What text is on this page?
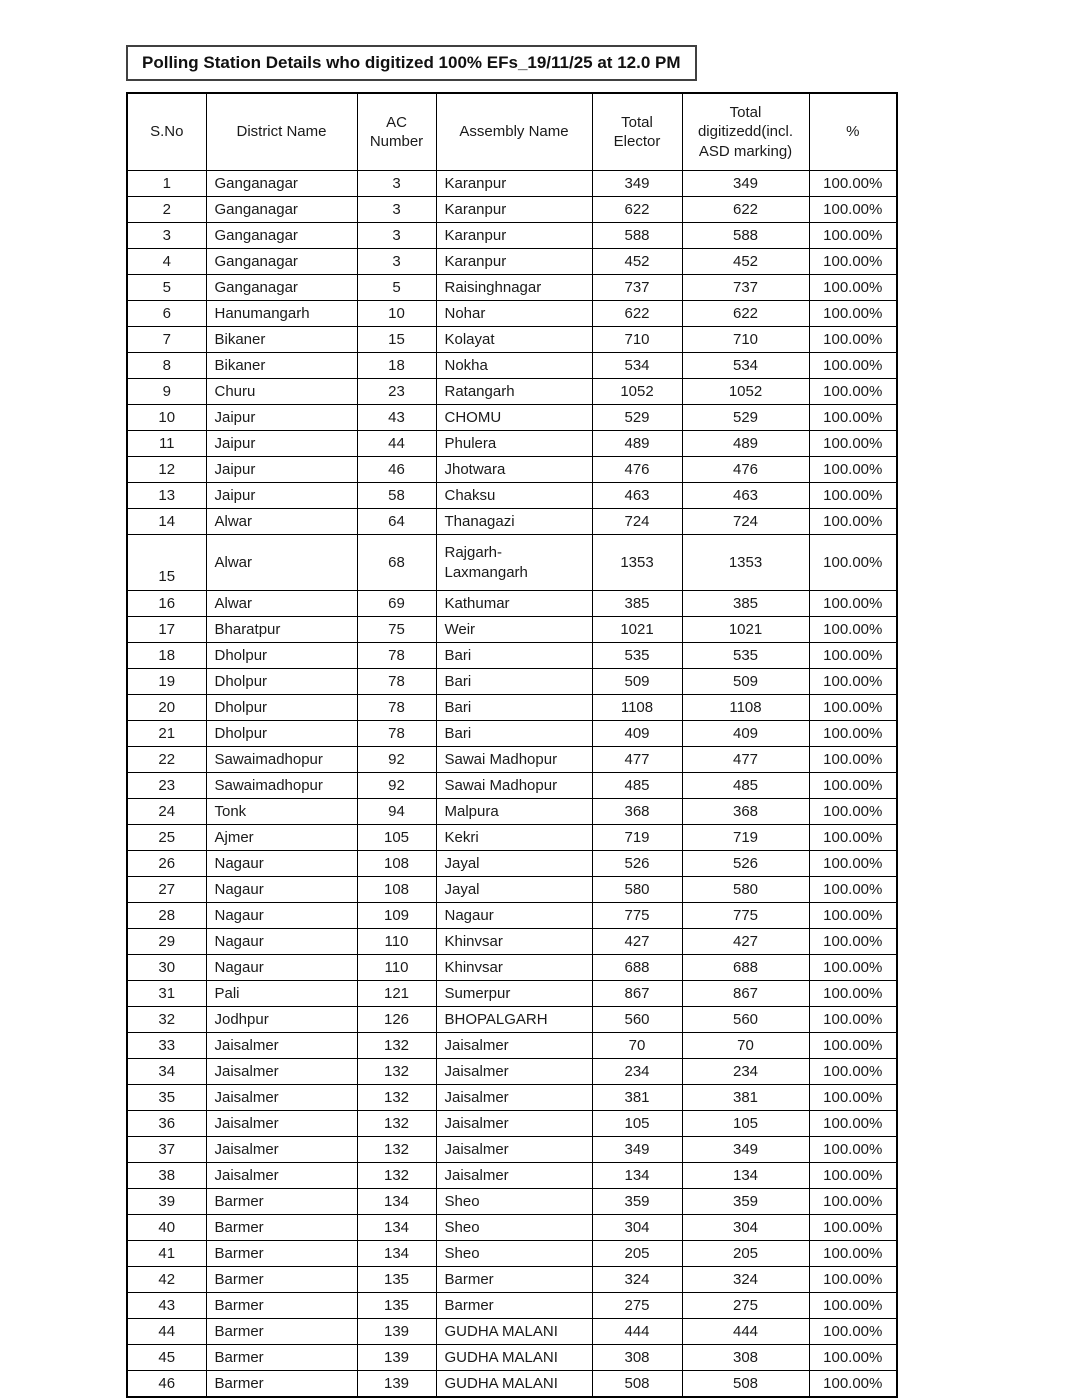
Polling Station Details who digitized 100% EFs_19/11/25 at 12.0 PM
S.No	District Name	AC Number	Assembly Name	Total Elector	Total digitizedd(incl. ASD marking)	%
1	Ganganagar	3	Karanpur	349	349	100.00%
2	Ganganagar	3	Karanpur	622	622	100.00%
3	Ganganagar	3	Karanpur	588	588	100.00%
4	Ganganagar	3	Karanpur	452	452	100.00%
5	Ganganagar	5	Raisinghnagar	737	737	100.00%
6	Hanumangarh	10	Nohar	622	622	100.00%
7	Bikaner	15	Kolayat	710	710	100.00%
8	Bikaner	18	Nokha	534	534	100.00%
9	Churu	23	Ratangarh	1052	1052	100.00%
10	Jaipur	43	CHOMU	529	529	100.00%
11	Jaipur	44	Phulera	489	489	100.00%
12	Jaipur	46	Jhotwara	476	476	100.00%
13	Jaipur	58	Chaksu	463	463	100.00%
14	Alwar	64	Thanagazi	724	724	100.00%
15	Alwar	68	Rajgarh-Laxmangarh	1353	1353	100.00%
16	Alwar	69	Kathumar	385	385	100.00%
17	Bharatpur	75	Weir	1021	1021	100.00%
18	Dholpur	78	Bari	535	535	100.00%
19	Dholpur	78	Bari	509	509	100.00%
20	Dholpur	78	Bari	1108	1108	100.00%
21	Dholpur	78	Bari	409	409	100.00%
22	Sawaimadhopur	92	Sawai Madhopur	477	477	100.00%
23	Sawaimadhopur	92	Sawai Madhopur	485	485	100.00%
24	Tonk	94	Malpura	368	368	100.00%
25	Ajmer	105	Kekri	719	719	100.00%
26	Nagaur	108	Jayal	526	526	100.00%
27	Nagaur	108	Jayal	580	580	100.00%
28	Nagaur	109	Nagaur	775	775	100.00%
29	Nagaur	110	Khinvsar	427	427	100.00%
30	Nagaur	110	Khinvsar	688	688	100.00%
31	Pali	121	Sumerpur	867	867	100.00%
32	Jodhpur	126	BHOPALGARH	560	560	100.00%
33	Jaisalmer	132	Jaisalmer	70	70	100.00%
34	Jaisalmer	132	Jaisalmer	234	234	100.00%
35	Jaisalmer	132	Jaisalmer	381	381	100.00%
36	Jaisalmer	132	Jaisalmer	105	105	100.00%
37	Jaisalmer	132	Jaisalmer	349	349	100.00%
38	Jaisalmer	132	Jaisalmer	134	134	100.00%
39	Barmer	134	Sheo	359	359	100.00%
40	Barmer	134	Sheo	304	304	100.00%
41	Barmer	134	Sheo	205	205	100.00%
42	Barmer	135	Barmer	324	324	100.00%
43	Barmer	135	Barmer	275	275	100.00%
44	Barmer	139	GUDHA MALANI	444	444	100.00%
45	Barmer	139	GUDHA MALANI	308	308	100.00%
46	Barmer	139	GUDHA MALANI	508	508	100.00%
